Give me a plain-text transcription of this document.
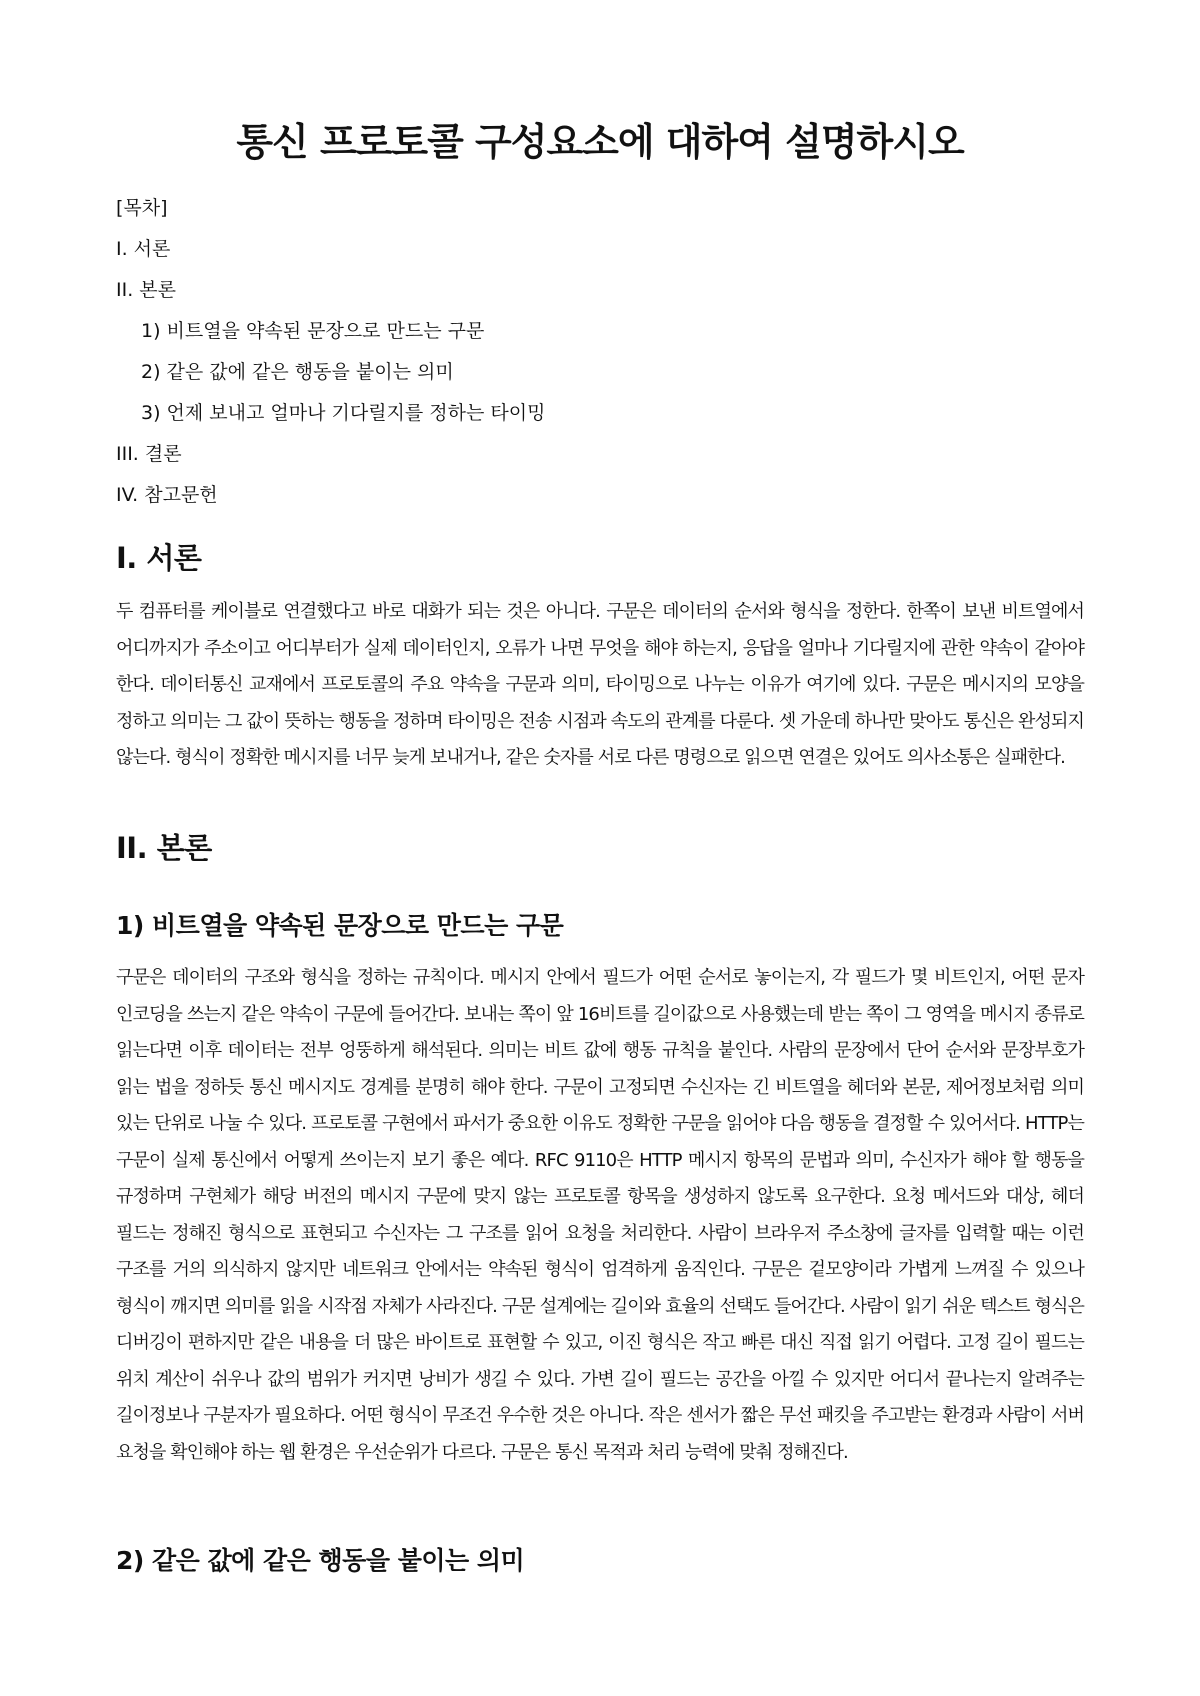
통신 프로토콜 구성요소에 대하여 설명하시오
[목차]
I. 서론
II. 본론
1) 비트열을 약속된 문장으로 만드는 구문
2) 같은 값에 같은 행동을 붙이는 의미
3) 언제 보내고 얼마나 기다릴지를 정하는 타이밍
III. 결론
IV. 참고문헌
I. 서론

두 컴퓨터를 케이블로 연결했다고 바로 대화가 되는 것은 아니다. 구문은 데이터의 순서와 형식을 정한다. 한쪽이 보낸 비트열에서 어디까지가 주소이고 어디부터가 실제 데이터인지, 오류가 나면 무엇을 해야 하는지, 응답을 얼마나 기다릴지에 관한 약속이 같아야 한다. 데이터통신 교재에서 프로토콜의 주요 약속을 구문과 의미, 타이밍으로 나누는 이유가 여기에 있다. 구문은 메시지의 모양을 정하고 의미는 그 값이 뜻하는 행동을 정하며 타이밍은 전송 시점과 속도의 관계를 다룬다. 셋 가운데 하나만 맞아도 통신은 완성되지 않는다. 형식이 정확한 메시지를 너무 늦게 보내거나, 같은 숫자를 서로 다른 명령으로 읽으면 연결은 있어도 의사소통은 실패한다.

II. 본론
1) 비트열을 약속된 문장으로 만드는 구문

구문은 데이터의 구조와 형식을 정하는 규칙이다. 메시지 안에서 필드가 어떤 순서로 놓이는지, 각 필드가 몇 비트인지, 어떤 문자 인코딩을 쓰는지 같은 약속이 구문에 들어간다. 보내는 쪽이 앞 16비트를 길이값으로 사용했는데 받는 쪽이 그 영역을 메시지 종류로 읽는다면 이후 데이터는 전부 엉뚱하게 해석된다. 의미는 비트 값에 행동 규칙을 붙인다. 사람의 문장에서 단어 순서와 문장부호가 읽는 법을 정하듯 통신 메시지도 경계를 분명히 해야 한다. 구문이 고정되면 수신자는 긴 비트열을 헤더와 본문, 제어정보처럼 의미 있는 단위로 나눌 수 있다. 프로토콜 구현에서 파서가 중요한 이유도 정확한 구문을 읽어야 다음 행동을 결정할 수 있어서다. HTTP는 구문이 실제 통신에서 어떻게 쓰이는지 보기 좋은 예다. RFC 9110은 HTTP 메시지 항목의 문법과 의미, 수신자가 해야 할 행동을 규정하며 구현체가 해당 버전의 메시지 구문에 맞지 않는 프로토콜 항목을 생성하지 않도록 요구한다. 요청 메서드와 대상, 헤더 필드는 정해진 형식으로 표현되고 수신자는 그 구조를 읽어 요청을 처리한다. 사람이 브라우저 주소창에 글자를 입력할 때는 이런 구조를 거의 의식하지 않지만 네트워크 안에서는 약속된 형식이 엄격하게 움직인다. 구문은 겉모양이라 가볍게 느껴질 수 있으나 형식이 깨지면 의미를 읽을 시작점 자체가 사라진다. 구문 설계에는 길이와 효율의 선택도 들어간다. 사람이 읽기 쉬운 텍스트 형식은 디버깅이 편하지만 같은 내용을 더 많은 바이트로 표현할 수 있고, 이진 형식은 작고 빠른 대신 직접 읽기 어렵다. 고정 길이 필드는 위치 계산이 쉬우나 값의 범위가 커지면 낭비가 생길 수 있다. 가변 길이 필드는 공간을 아낄 수 있지만 어디서 끝나는지 알려주는 길이정보나 구분자가 필요하다. 어떤 형식이 무조건 우수한 것은 아니다. 작은 센서가 짧은 무선 패킷을 주고받는 환경과 사람이 서버 요청을 확인해야 하는 웹 환경은 우선순위가 다르다. 구문은 통신 목적과 처리 능력에 맞춰 정해진다.

2) 같은 값에 같은 행동을 붙이는 의미
